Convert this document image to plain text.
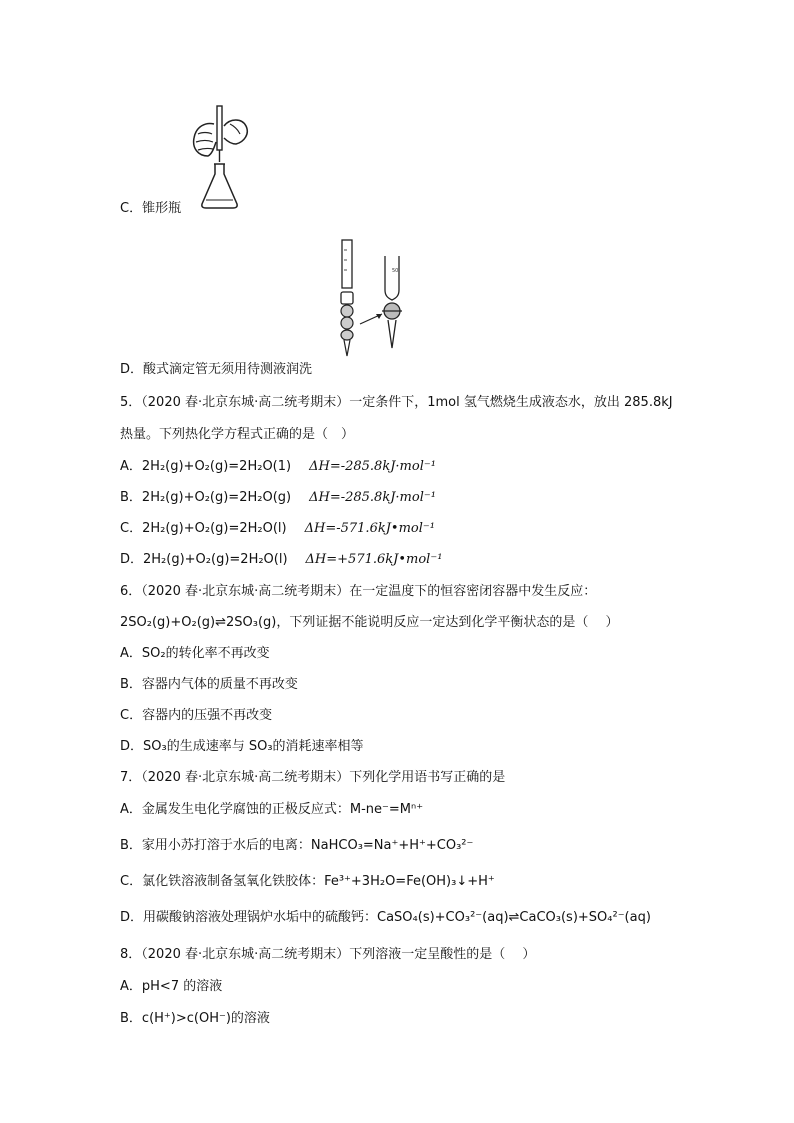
C．锥形瓶
50
D．酸式滴定管无须用待测液润洗
5．（2020 春·北京东城·高二统考期末）一定条件下，1mol 氢气燃烧生成液态水，放出 285.8kJ
热量。下列热化学方程式正确的是（　）
A．2H₂(g)+O₂(g)=2H₂O(1) ΔH=-285.8kJ·mol⁻¹
B．2H₂(g)+O₂(g)=2H₂O(g) ΔH=-285.8kJ·mol⁻¹
C．2H₂(g)+O₂(g)=2H₂O(l) ΔH=-571.6kJ•mol⁻¹
D．2H₂(g)+O₂(g)=2H₂O(l) ΔH=+571.6kJ•mol⁻¹
6．（2020 春·北京东城·高二统考期末）在一定温度下的恒容密闭容器中发生反应：
2SO₂(g)+O₂(g)⇌2SO₃(g)，下列证据不能说明反应一定达到化学平衡状态的是（　 ）
A．SO₂的转化率不再改变
B．容器内气体的质量不再改变
C．容器内的压强不再改变
D．SO₃的生成速率与 SO₃的消耗速率相等
7．（2020 春·北京东城·高二统考期末）下列化学用语书写正确的是
A．金属发生电化学腐蚀的正极反应式：M-ne⁻=Mⁿ⁺
B．家用小苏打溶于水后的电离：NaHCO₃=Na⁺+H⁺+CO₃²⁻
C．氯化铁溶液制备氢氧化铁胶体：Fe³⁺+3H₂O=Fe(OH)₃↓+H⁺
D．用碳酸钠溶液处理锅炉水垢中的硫酸钙：CaSO₄(s)+CO₃²⁻(aq)⇌CaCO₃(s)+SO₄²⁻(aq)
8．（2020 春·北京东城·高二统考期末）下列溶液一定呈酸性的是（　 ）
A．pH<7 的溶液
B．c(H⁺)>c(OH⁻)的溶液
